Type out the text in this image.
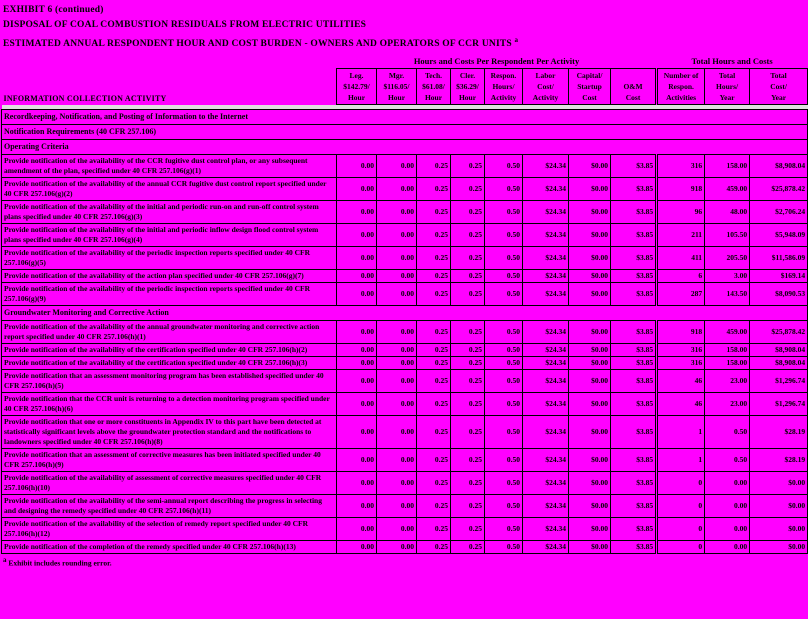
EXHIBIT 6 (continued)
DISPOSAL OF COAL COMBUSTION RESIDUALS FROM ELECTRIC UTILITIES
ESTIMATED ANNUAL RESPONDENT HOUR AND COST BURDEN - OWNERS AND OPERATORS OF CCR UNITS $^a$
INFORMATION COLLECTION ACTIVITY	Hours and Costs Per Respondent Per Activity								Total Hours and Costs		

Leg.
$142.79/
Hour

Mgr.
$116.05/
Hour

Tech.
$61.08/
Hour

Cler.
$36.29/
Hour

Respon.
Hours/
Activity

Labor
Cost/
Activity

Capital/
Startup
Cost

O&M
Cost

Number of
Respon.
Activities

Total
Hours/
Year

Total
Cost/
Year

Recordkeeping, Notification, and Posting of Information to the Internet											
Notification Requirements (40 CFR 257.106)											
Operating Criteria											
Provide notification of the availability of the CCR fugitive dust control plan, or any subsequent amendment of the plan, specified under 40 CFR 257.106(g)(1)	0.00	0.00	0.25	0.25	0.50	$24.34	$0.00	$3.85	316	158.00	$8,908.04
Provide notification of the availability of the annual CCR fugitive dust control report specified under 40 CFR 257.106(g)(2)	0.00	0.00	0.25	0.25	0.50	$24.34	$0.00	$3.85	918	459.00	$25,878.42
Provide notification of the availability of the initial and periodic run-on and run-off control system plans specified under 40 CFR 257.106(g)(3)	0.00	0.00	0.25	0.25	0.50	$24.34	$0.00	$3.85	96	48.00	$2,706.24
Provide notification of the availability of the initial and periodic inflow design flood control system plans specified under 40 CFR 257.106(g)(4)	0.00	0.00	0.25	0.25	0.50	$24.34	$0.00	$3.85	211	105.50	$5,948.09
Provide notification of the availability of the periodic inspection reports specified under 40 CFR 257.106(g)(5)	0.00	0.00	0.25	0.25	0.50	$24.34	$0.00	$3.85	411	205.50	$11,586.09
Provide notification of the availability of the action plan specified under 40 CFR 257.106(g)(7)	0.00	0.00	0.25	0.25	0.50	$24.34	$0.00	$3.85	6	3.00	$169.14
Provide notification of the availability of the periodic inspection reports specified under 40 CFR 257.106(g)(9)	0.00	0.00	0.25	0.25	0.50	$24.34	$0.00	$3.85	287	143.50	$8,090.53
Groundwater Monitoring and Corrective Action											
Provide notification of the availability of the annual groundwater monitoring and corrective action report specified under 40 CFR 257.106(h)(1)	0.00	0.00	0.25	0.25	0.50	$24.34	$0.00	$3.85	918	459.00	$25,878.42
Provide notification of the availability of the certification specified under 40 CFR 257.106(h)(2)	0.00	0.00	0.25	0.25	0.50	$24.34	$0.00	$3.85	316	158.00	$8,908.04
Provide notification of the availability of the certification specified under 40 CFR 257.106(h)(3)	0.00	0.00	0.25	0.25	0.50	$24.34	$0.00	$3.85	316	158.00	$8,908.04
Provide notification that an assessment monitoring program has been established specified under 40 CFR 257.106(h)(5)	0.00	0.00	0.25	0.25	0.50	$24.34	$0.00	$3.85	46	23.00	$1,296.74
Provide notification that the CCR unit is returning to a detection monitoring program specified under 40 CFR 257.106(h)(6)	0.00	0.00	0.25	0.25	0.50	$24.34	$0.00	$3.85	46	23.00	$1,296.74
Provide notification that one or more constituents in Appendix IV to this part have been detected at statistically significant levels above the groundwater protection standard and the notifications to landowners specified under 40 CFR 257.106(h)(8)	0.00	0.00	0.25	0.25	0.50	$24.34	$0.00	$3.85	1	0.50	$28.19
Provide notification that an assessment of corrective measures has been initiated specified under 40 CFR 257.106(h)(9)	0.00	0.00	0.25	0.25	0.50	$24.34	$0.00	$3.85	1	0.50	$28.19
Provide notification of the availability of assessment of corrective measures specified under 40 CFR 257.106(h)(10)	0.00	0.00	0.25	0.25	0.50	$24.34	$0.00	$3.85	0	0.00	$0.00
Provide notification of the availability of the semi-annual report describing the progress in selecting and designing the remedy specified under 40 CFR 257.106(h)(11)	0.00	0.00	0.25	0.25	0.50	$24.34	$0.00	$3.85	0	0.00	$0.00
Provide notification of the availability of the selection of remedy report specified under 40 CFR 257.106(h)(12)	0.00	0.00	0.25	0.25	0.50	$24.34	$0.00	$3.85	0	0.00	$0.00
Provide notification of the completion of the remedy specified under 40 CFR 257.106(h)(13)	0.00	0.00	0.25	0.25	0.50	$24.34	$0.00	$3.85	0	0.00	$0.00
$^a$ Exhibit includes rounding error.
